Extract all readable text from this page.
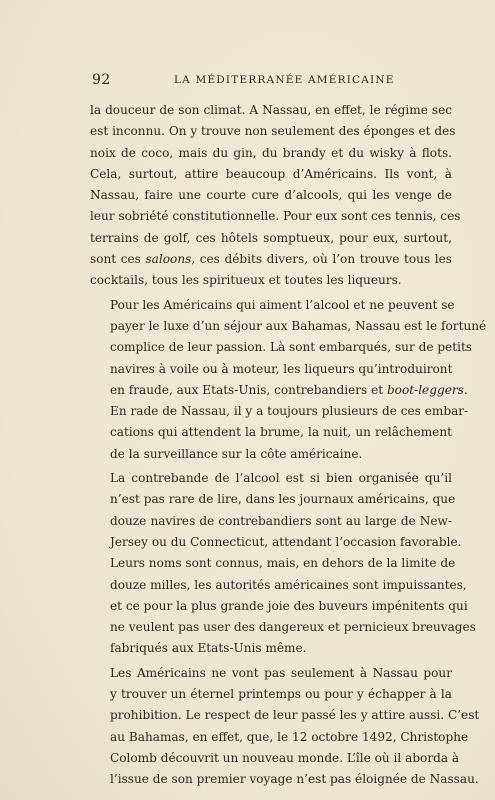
92	LA MÉDITERRANÉE AMÉRICAINE

la douceur de son climat. A Nassau, en effet, le régime sec
est inconnu. On y trouve non seulement des éponges et des
noix de coco, mais du gin, du brandy et du wisky à flots.
Cela, surtout, attire beaucoup d’Américains. Ils vont, à
Nassau, faire une courte cure d’alcools, qui les venge de
leur sobriété constitutionnelle. Pour eux sont ces tennis, ces
terrains de golf, ces hôtels somptueux, pour eux, surtout,
sont ces saloons, ces débits divers, où l’on trouve tous les
cocktails, tous les spiritueux et toutes les liqueurs.

Pour les Américains qui aiment l’alcool et ne peuvent se
payer le luxe d’un séjour aux Bahamas, Nassau est le fortuné
complice de leur passion. Là sont embarqués, sur de petits
navires à voile ou à moteur, les liqueurs qu’introduiront
en fraude, aux Etats-Unis, contrebandiers et boot-leggers.
En rade de Nassau, il y a toujours plusieurs de ces embar-
cations qui attendent la brume, la nuit, un relâchement
de la surveillance sur la côte américaine.

La contrebande de l’alcool est si bien organisée qu’il
n’est pas rare de lire, dans les journaux américains, que
douze navires de contrebandiers sont au large de New-
Jersey ou du Connecticut, attendant l’occasion favorable.
Leurs noms sont connus, mais, en dehors de la limite de
douze milles, les autorités américaines sont impuissantes,
et ce pour la plus grande joie des buveurs impénitents qui
ne veulent pas user des dangereux et pernicieux breuvages
fabriqués aux Etats-Unis même.

Les Américains ne vont pas seulement à Nassau pour
y trouver un éternel printemps ou pour y échapper à la
prohibition. Le respect de leur passé les y attire aussi. C’est
au Bahamas, en effet, que, le 12 octobre 1492, Christophe
Colomb découvrit un nouveau monde. L’île où il aborda à
l’issue de son premier voyage n’est pas éloignée de Nassau.
